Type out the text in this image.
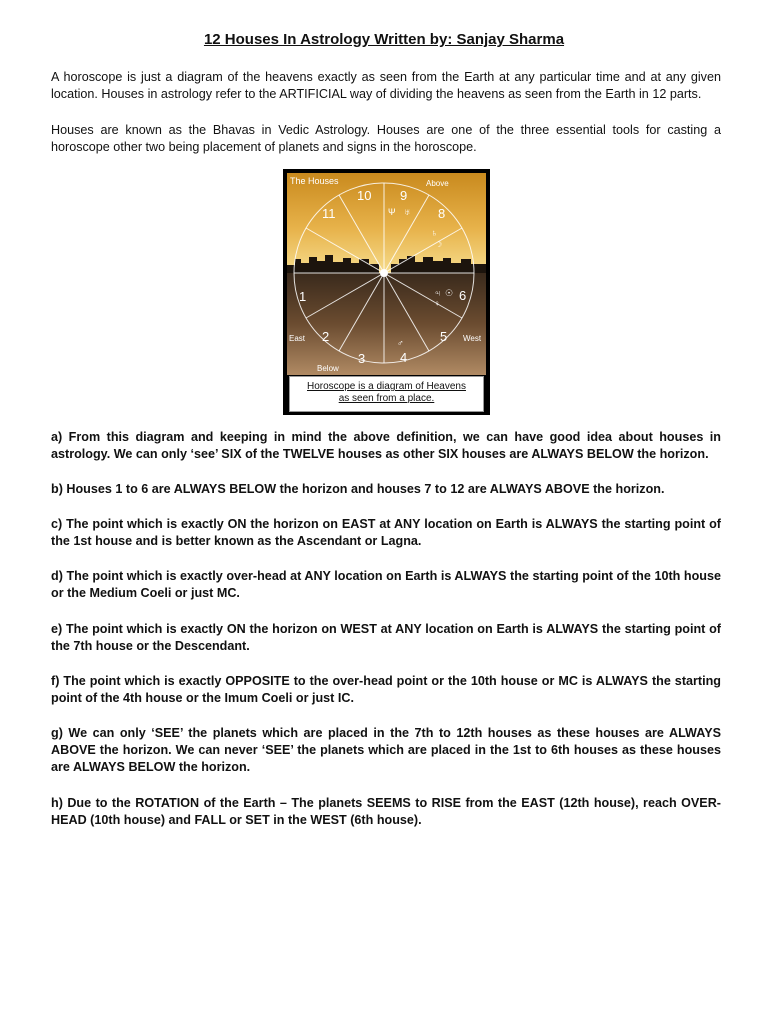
12 Houses In Astrology Written by: Sanjay Sharma
A horoscope is just a diagram of the heavens exactly as seen from the Earth at any particular time and at any given location. Houses in astrology refer to the ARTIFICIAL way of dividing the heavens as seen from the Earth in 12 parts.
Houses are known as the Bhavas in Vedic Astrology. Houses are one of the three essential tools for casting a horoscope other two being placement of planets and signs in the horoscope.
The Houses	Above
East	West
Below
1
2
3	4
5
6
8
9
10
11	Ψ ♅
♄
☽
♃ ☉
♀
♂
Horoscope is a diagram of Heavens
as seen from a place.
a) From this diagram and keeping in mind the above definition, we can have good idea about houses in astrology. We can only ‘see’ SIX of the TWELVE houses as other SIX houses are ALWAYS BELOW the horizon.
b) Houses 1 to 6 are ALWAYS BELOW the horizon and houses 7 to 12 are ALWAYS ABOVE the horizon.
c) The point which is exactly ON the horizon on EAST at ANY location on Earth is ALWAYS the starting point of the 1st house and is better known as the Ascendant or Lagna.
d) The point which is exactly over-head at ANY location on Earth is ALWAYS the starting point of the 10th house or the Medium Coeli or just MC.
e) The point which is exactly ON the horizon on WEST at ANY location on Earth is ALWAYS the starting point of the 7th house or the Descendant.
f) The point which is exactly OPPOSITE to the over-head point or the 10th house or MC is ALWAYS the starting point of the 4th house or the Imum Coeli or just IC.
g) We can only ‘SEE’ the planets which are placed in the 7th to 12th houses as these houses are ALWAYS ABOVE the horizon. We can never ‘SEE’ the planets which are placed in the 1st to 6th houses as these houses are ALWAYS BELOW the horizon.
h) Due to the ROTATION of the Earth – The planets SEEMS to RISE from the EAST (12th house), reach OVER-HEAD (10th house) and FALL or SET in the WEST (6th house).
